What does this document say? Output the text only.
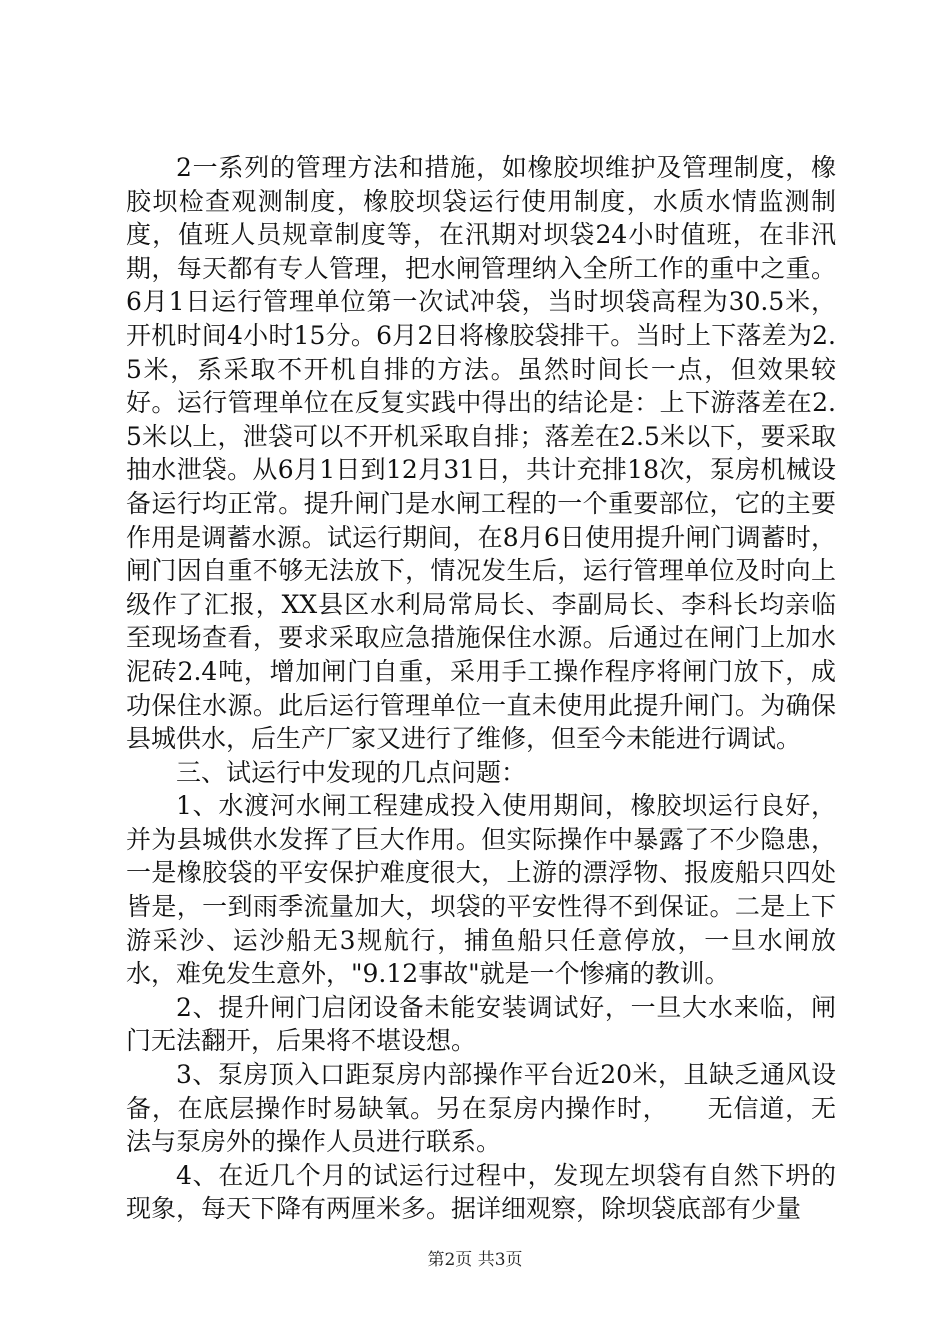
2一系列的管理方法和措施，如橡胶坝维护及管理制度，橡胶坝检查观测制度，橡胶坝袋运行使用制度，水质水情监测制度，值班人员规章制度等，在汛期对坝袋24小时值班，在非汛期，每天都有专人管理，把水闸管理纳入全所工作的重中之重。6月1日运行管理单位第一次试冲袋，当时坝袋高程为30.5米，开机时间4小时15分。6月2日将橡胶袋排干。当时上下落差为2.5米，系采取不开机自排的方法。虽然时间长一点，但效果较好。运行管理单位在反复实践中得出的结论是：上下游落差在2.5米以上，泄袋可以不开机采取自排；落差在2.5米以下，要采取抽水泄袋。从6月1日到12月31日，共计充排18次，泵房机械设备运行均正常。提升闸门是水闸工程的一个重要部位，它的主要作用是调蓄水源。试运行期间，在8月6日使用提升闸门调蓄时，闸门因自重不够无法放下，情况发生后，运行管理单位及时向上级作了汇报，XX县区水利局常局长、李副局长、李科长均亲临至现场查看，要求采取应急措施保住水源。后通过在闸门上加水泥砖2.4吨，增加闸门自重，采用手工操作程序将闸门放下，成功保住水源。此后运行管理单位一直未使用此提升闸门。为确保县城供水，后生产厂家又进行了维修，但至今未能进行调试。

三、试运行中发现的几点问题：

1、水渡河水闸工程建成投入使用期间，橡胶坝运行良好，并为县城供水发挥了巨大作用。但实际操作中暴露了不少隐患，一是橡胶袋的平安保护难度很大，上游的漂浮物、报废船只四处皆是，一到雨季流量加大，坝袋的平安性得不到保证。二是上下游采沙、运沙船无3规航行，捕鱼船只任意停放，一旦水闸放水，难免发生意外，"9.12事故"就是一个惨痛的教训。

2、提升闸门启闭设备未能安装调试好，一旦大水来临，闸门无法翻开，后果将不堪设想。

3、泵房顶入口距泵房内部操作平台近20米，且缺乏通风设备，在底层操作时易缺氧。另在泵房内操作时，　　无信道，无法与泵房外的操作人员进行联系。

4、在近几个月的试运行过程中，发现左坝袋有自然下坍的现象，每天下降有两厘米多。据详细观察，除坝袋底部有少量

第2页 共3页
